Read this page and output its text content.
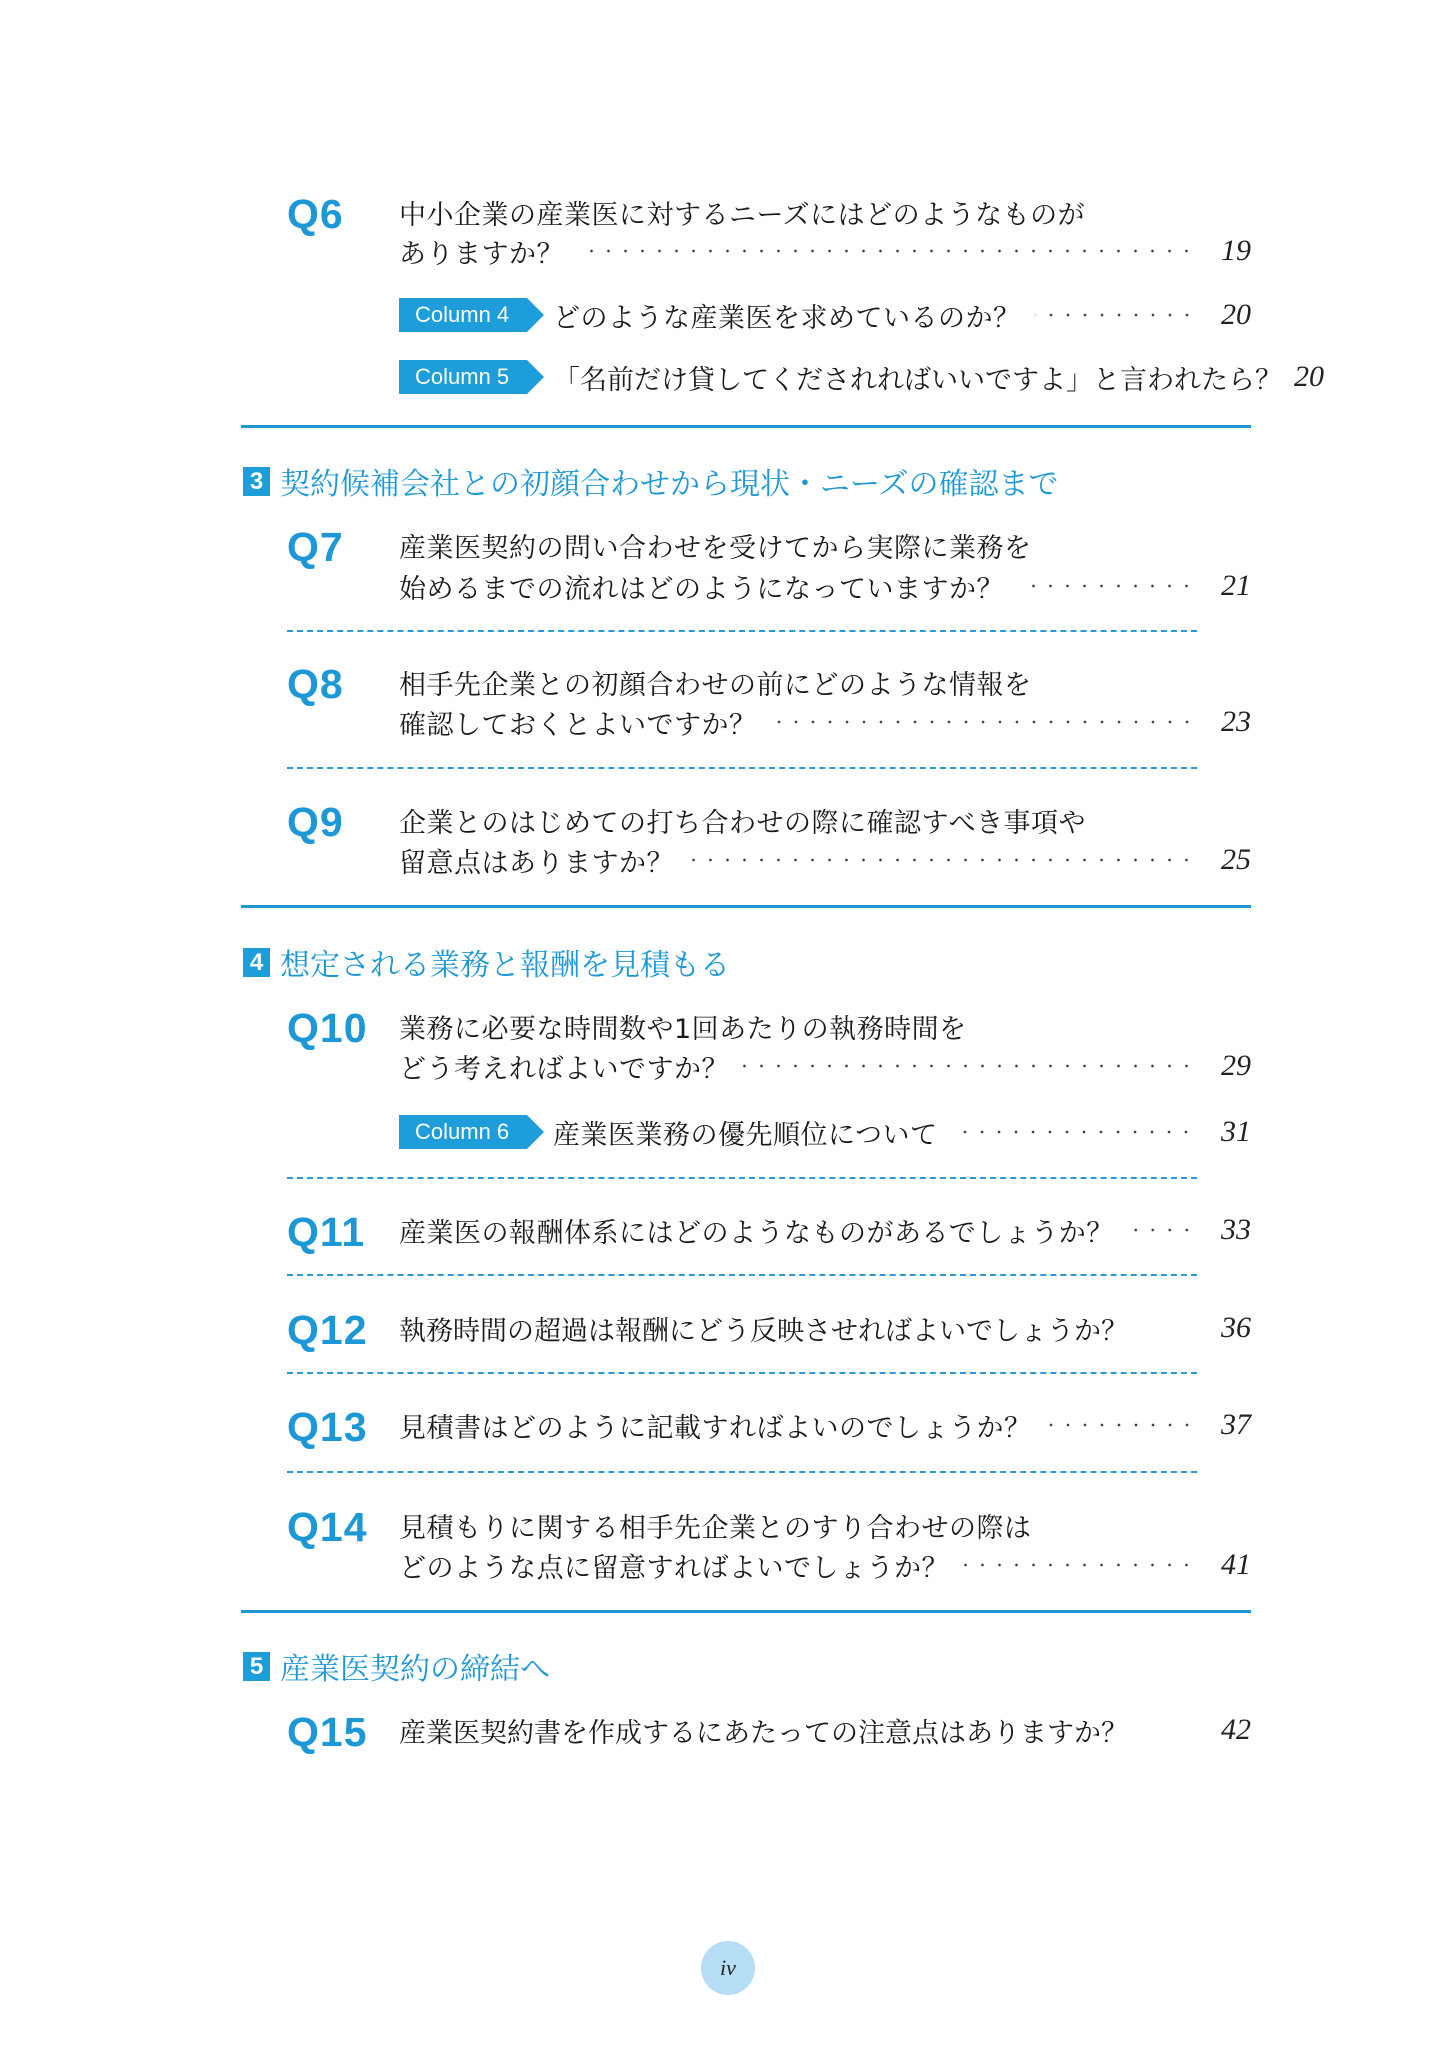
Q6 中小企業の産業医に対するニーズにはどのようなものが
ありますか？	19
Column 4	どのような産業医を求めているのか？	20
Column 5	「名前だけ貸してくだされればいいですよ」と言われたら？ 20
3 契約候補会社との初顔合わせから現状・ニーズの確認まで
Q7 産業医契約の問い合わせを受けてから実際に業務を
始めるまでの流れはどのようになっていますか？	21
Q8 相手先企業との初顔合わせの前にどのような情報を
確認しておくとよいですか？	23
Q9 企業とのはじめての打ち合わせの際に確認すべき事項や
留意点はありますか？	25
4 想定される業務と報酬を見積もる
Q10 業務に必要な時間数や1回あたりの執務時間を
どう考えればよいですか？	29
Column 6	産業医業務の優先順位について	31
Q11 産業医の報酬体系にはどのようなものがあるでしょうか？	33
Q12 執務時間の超過は報酬にどう反映させればよいでしょうか？	36
Q13 見積書はどのように記載すればよいのでしょうか？	37
Q14 見積もりに関する相手先企業とのすり合わせの際は
どのような点に留意すればよいでしょうか？	41
5 産業医契約の締結へ
Q15 産業医契約書を作成するにあたっての注意点はありますか？	42
iv
